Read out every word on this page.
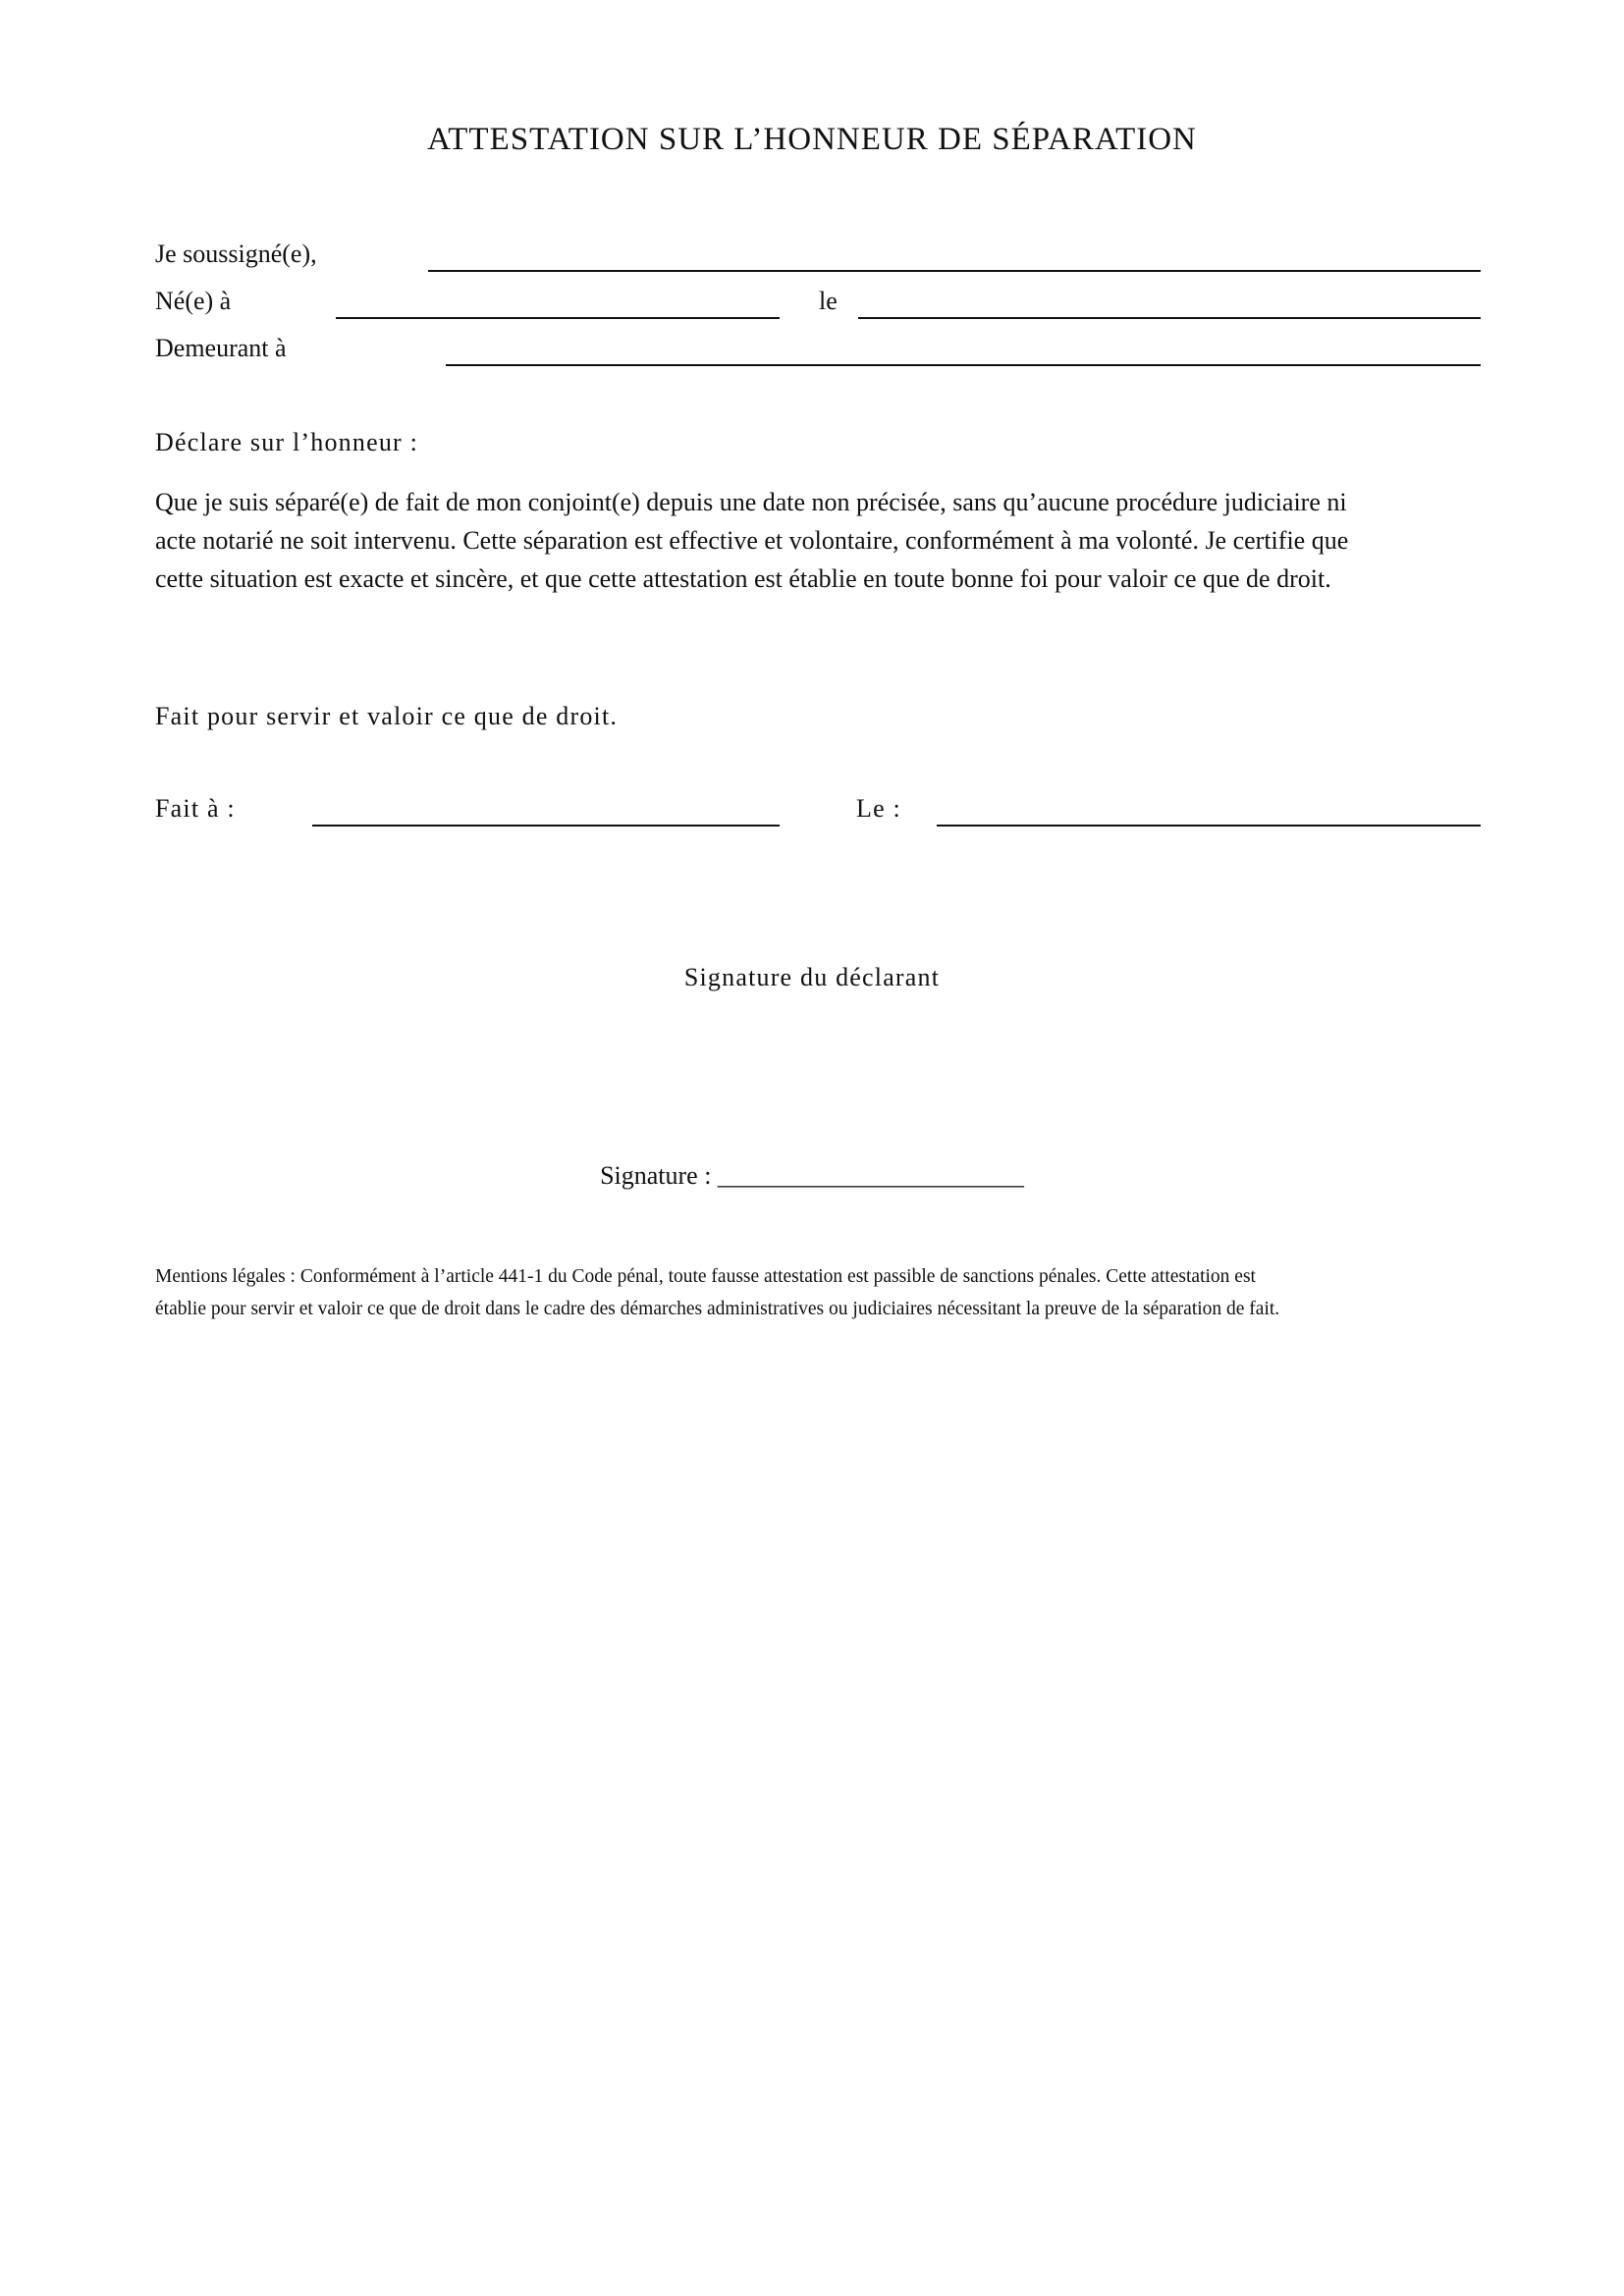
ATTESTATION SUR L’HONNEUR DE SÉPARATION
Je soussigné(e),
Né(e) à	le
Demeurant à
Déclare sur l’honneur :

Que je suis séparé(e) de fait de mon conjoint(e) depuis une date non précisée, sans qu’aucune procédure judiciaire ni

acte notarié ne soit intervenu. Cette séparation est effective et volontaire, conformément à ma volonté. Je certifie que

cette situation est exacte et sincère, et que cette attestation est établie en toute bonne foi pour valoir ce que de droit.

Fait pour servir et valoir ce que de droit.
Fait à :	Le :
Signature du déclarant
Signature : ________________________

Mentions légales : Conformément à l’article 441-1 du Code pénal, toute fausse attestation est passible de sanctions pénales. Cette attestation est

établie pour servir et valoir ce que de droit dans le cadre des démarches administratives ou judiciaires nécessitant la preuve de la séparation de fait.
